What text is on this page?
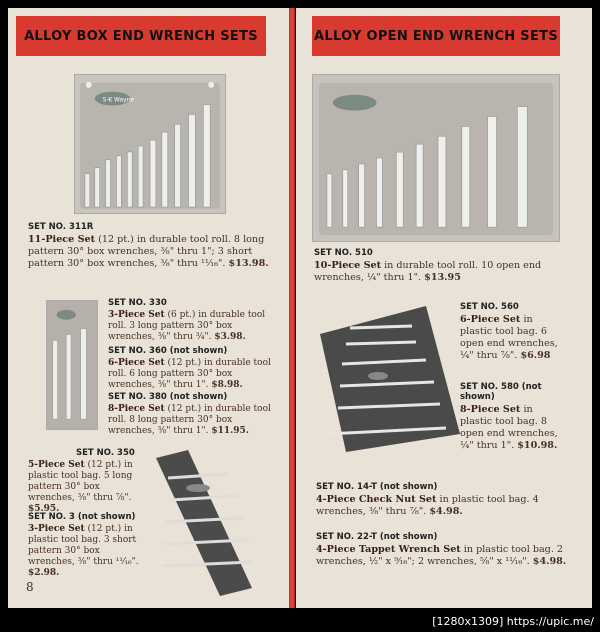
ALLOY BOX END WRENCH SETS
S·K Wayne
SET NO. 311R
11-Piece Set (12 pt.) in durable tool roll. 8 long pattern 30° box wrenches, ⅜" thru 1"; 3 short pattern 30° box wrenches, ⅜" thru ¹¹⁄₁₆". $13.98.
SET NO. 330
3-Piece Set (6 pt.) in durable tool roll. 3 long pattern 30° box wrenches, ⅜" thru ¾". $3.98.
SET NO. 360 (not shown)
6-Piece Set (12 pt.) in durable tool roll. 6 long pattern 30° box wrenches, ⅜" thru 1". $8.98.
SET NO. 380 (not shown)
8-Piece Set (12 pt.) in durable tool roll. 8 long pattern 30° box wrenches, ⅜" thru 1". $11.95.
SET NO. 350
5-Piece Set (12 pt.) in plastic tool bag. 5 long pattern 30° box wrenches, ⅜" thru ⅞". $5.95.
SET NO. 3 (not shown)
3-Piece Set (12 pt.) in plastic tool bag. 3 short pattern 30° box wrenches, ⅜" thru ¹¹⁄₁₆". $2.98.
8
ALLOY OPEN END WRENCH SETS
SET NO. 510
10-Piece Set in durable tool roll. 10 open end wrenches, ¼" thru 1". $13.95
SET NO. 560
6-Piece Set in plastic tool bag. 6 open end wrenches, ¼" thru ⅞". $6.98
SET NO. 580 (not shown)
8-Piece Set in plastic tool bag. 8 open end wrenches, ¼" thru 1". $10.98.
SET NO. 14-T (not shown)
4-Piece Check Nut Set in plastic tool bag. 4 wrenches, ⅜" thru ⅞". $4.98.
SET NO. 22-T (not shown)
4-Piece Tappet Wrench Set in plastic tool bag. 2 wrenches, ½" x ⁹⁄₁₆"; 2 wrenches, ⅝" x ¹¹⁄₁₆". $4.98.
[1280x1309] https://upic.me/
